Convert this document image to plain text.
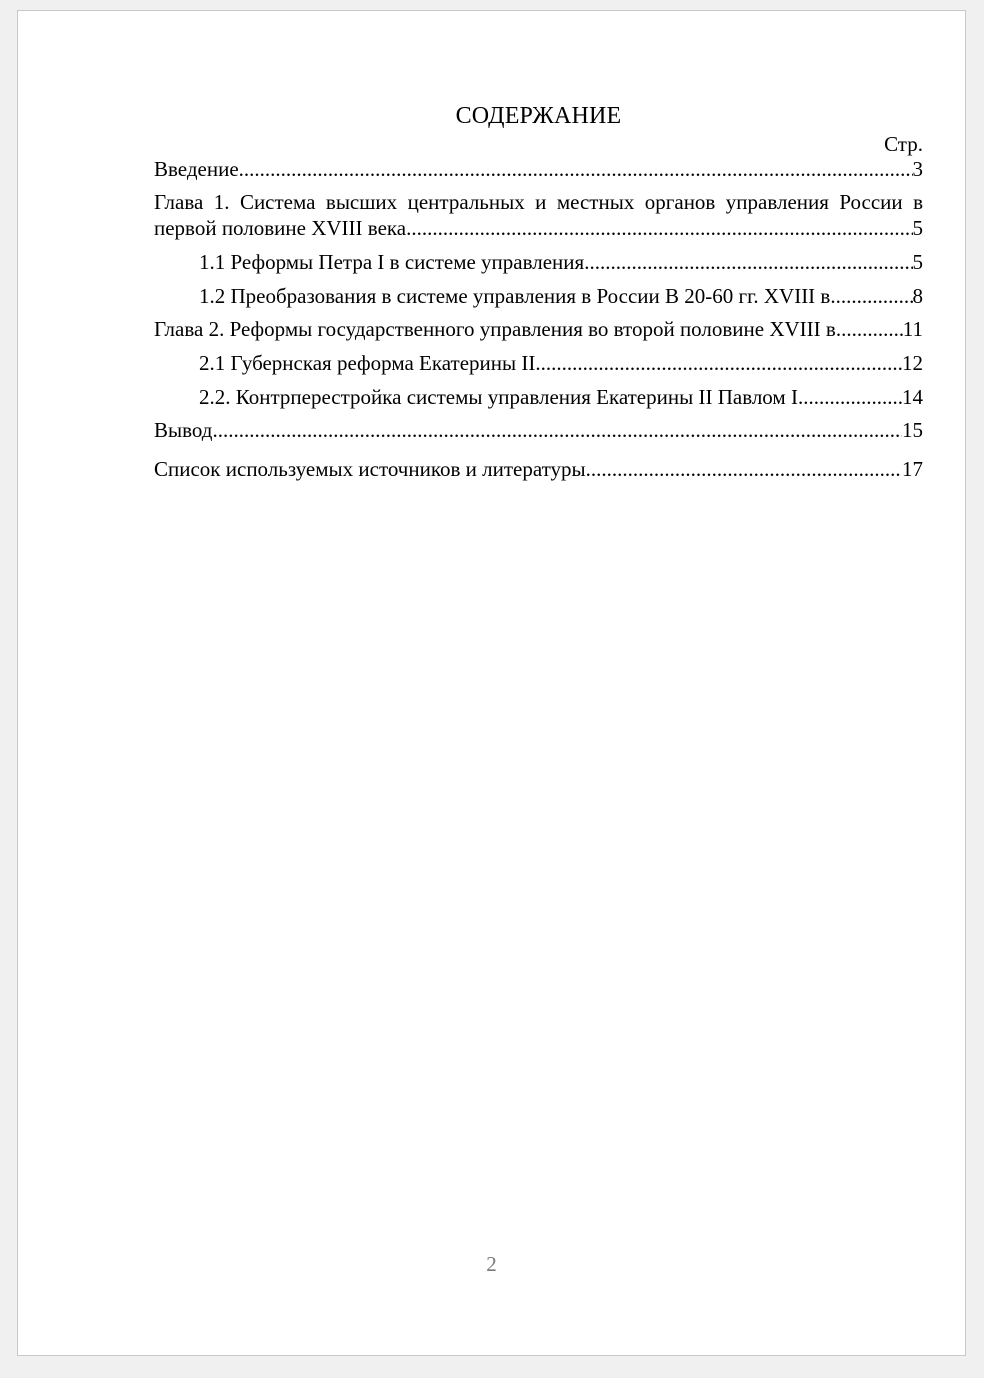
СОДЕРЖАНИЕ
Стр.
Введение .....	3
Глава 1. Система высших центральных и местных органов управления России в
первой половине XVIII века .....	5
1.1 Реформы Петра I в системе управления .....	5
1.2 Преобразования в системе управления в России В 20-60 гг. XVIII в .....	8
Глава 2. Реформы государственного управления во второй половине XVIII в .....	11
2.1 Губернская реформа Екатерины II .....	12
2.2. Контрперестройка системы управления Екатерины II Павлом I .....	14
Вывод .....	15
Список используемых источников и литературы .....	17
2
